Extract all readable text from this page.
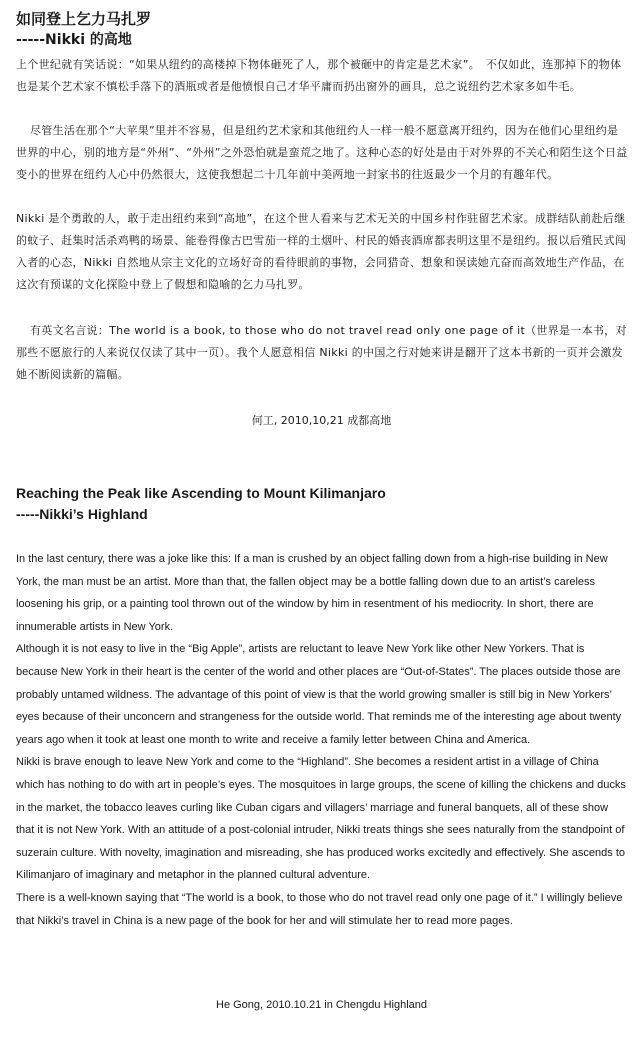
如同登上乞力马扎罗
-----Nikki 的高地

上个世纪就有笑话说：“如果从纽约的高楼掉下物体砸死了人，那个被砸中的肯定是艺术家”。　不仅如此，连那掉下的物体也是某个艺术家不慎松手落下的酒瓶或者是他愤恨自己才华平庸而扔出窗外的画具，总之说纽约艺术家多如牛毛。

尽管生活在那个“大苹果”里并不容易，但是纽约艺术家和其他纽约人一样一般不愿意离开纽约，因为在他们心里纽约是世界的中心，别的地方是“外州”、“外州”之外恐怕就是蛮荒之地了。这种心态的好处是由于对外界的不关心和陌生这个日益变小的世界在纽约人心中仍然很大，这使我想起二十几年前中美两地一封家书的往返最少一个月的有趣年代。

Nikki 是个勇敢的人，敢于走出纽约来到“高地”，在这个世人看来与艺术无关的中国乡村作驻留艺术家。成群结队前赴后继的蚊子、赶集时活杀鸡鸭的场景、能卷得像古巴雪茄一样的土烟叶、村民的婚丧酒席都表明这里不是纽约。报以后殖民式闯入者的心态，Nikki 自然地从宗主文化的立场好奇的看待眼前的事物，会同猎奇、想象和误读她亢奋而高效地生产作品，在这次有预谋的文化探险中登上了假想和隐喻的乞力马扎罗。

有英文名言说：The world is a book, to those who do not travel read only one page of it（世界是一本书，对那些不愿旅行的人来说仅仅读了其中一页）。我个人愿意相信 Nikki 的中国之行对她来讲是翻开了这本书新的一页并会激发她不断阅读新的篇幅。

何工, 2010,10,21 成都高地
Reaching the Peak like Ascending to Mount Kilimanjaro
-----Nikki’s Highland

In the last century, there was a joke like this: If a man is crushed by an object falling down from a high-rise building in New York, the man must be an artist. More than that, the fallen object may be a bottle falling down due to an artist’s careless loosening his grip, or a painting tool thrown out of the window by him in resentment of his mediocrity. In short, there are innumerable artists in New York.

Although it is not easy to live in the “Big Apple”, artists are reluctant to leave New York like other New Yorkers. That is because New York in their heart is the center of the world and other places are “Out-of-States”. The places outside those are probably untamed wildness. The advantage of this point of view is that the world growing smaller is still big in New Yorkers’ eyes because of their unconcern and strangeness for the outside world. That reminds me of the interesting age about twenty years ago when it took at least one month to write and receive a family letter between China and America.

Nikki is brave enough to leave New York and come to the “Highland”. She becomes a resident artist in a village of China which has nothing to do with art in people’s eyes. The mosquitoes in large groups, the scene of killing the chickens and ducks in the market, the tobacco leaves curling like Cuban cigars and villagers’ marriage and funeral banquets, all of these show that it is not New York. With an attitude of a post-colonial intruder, Nikki treats things she sees naturally from the standpoint of suzerain culture. With novelty, imagination and misreading, she has produced works excitedly and effectively. She ascends to Kilimanjaro of imaginary and metaphor in the planned cultural adventure.

There is a well-known saying that “The world is a book, to those who do not travel read only one page of it.” I willingly believe that Nikki’s travel in China is a new page of the book for her and will stimulate her to read more pages.

He Gong, 2010.10.21 in Chengdu Highland
